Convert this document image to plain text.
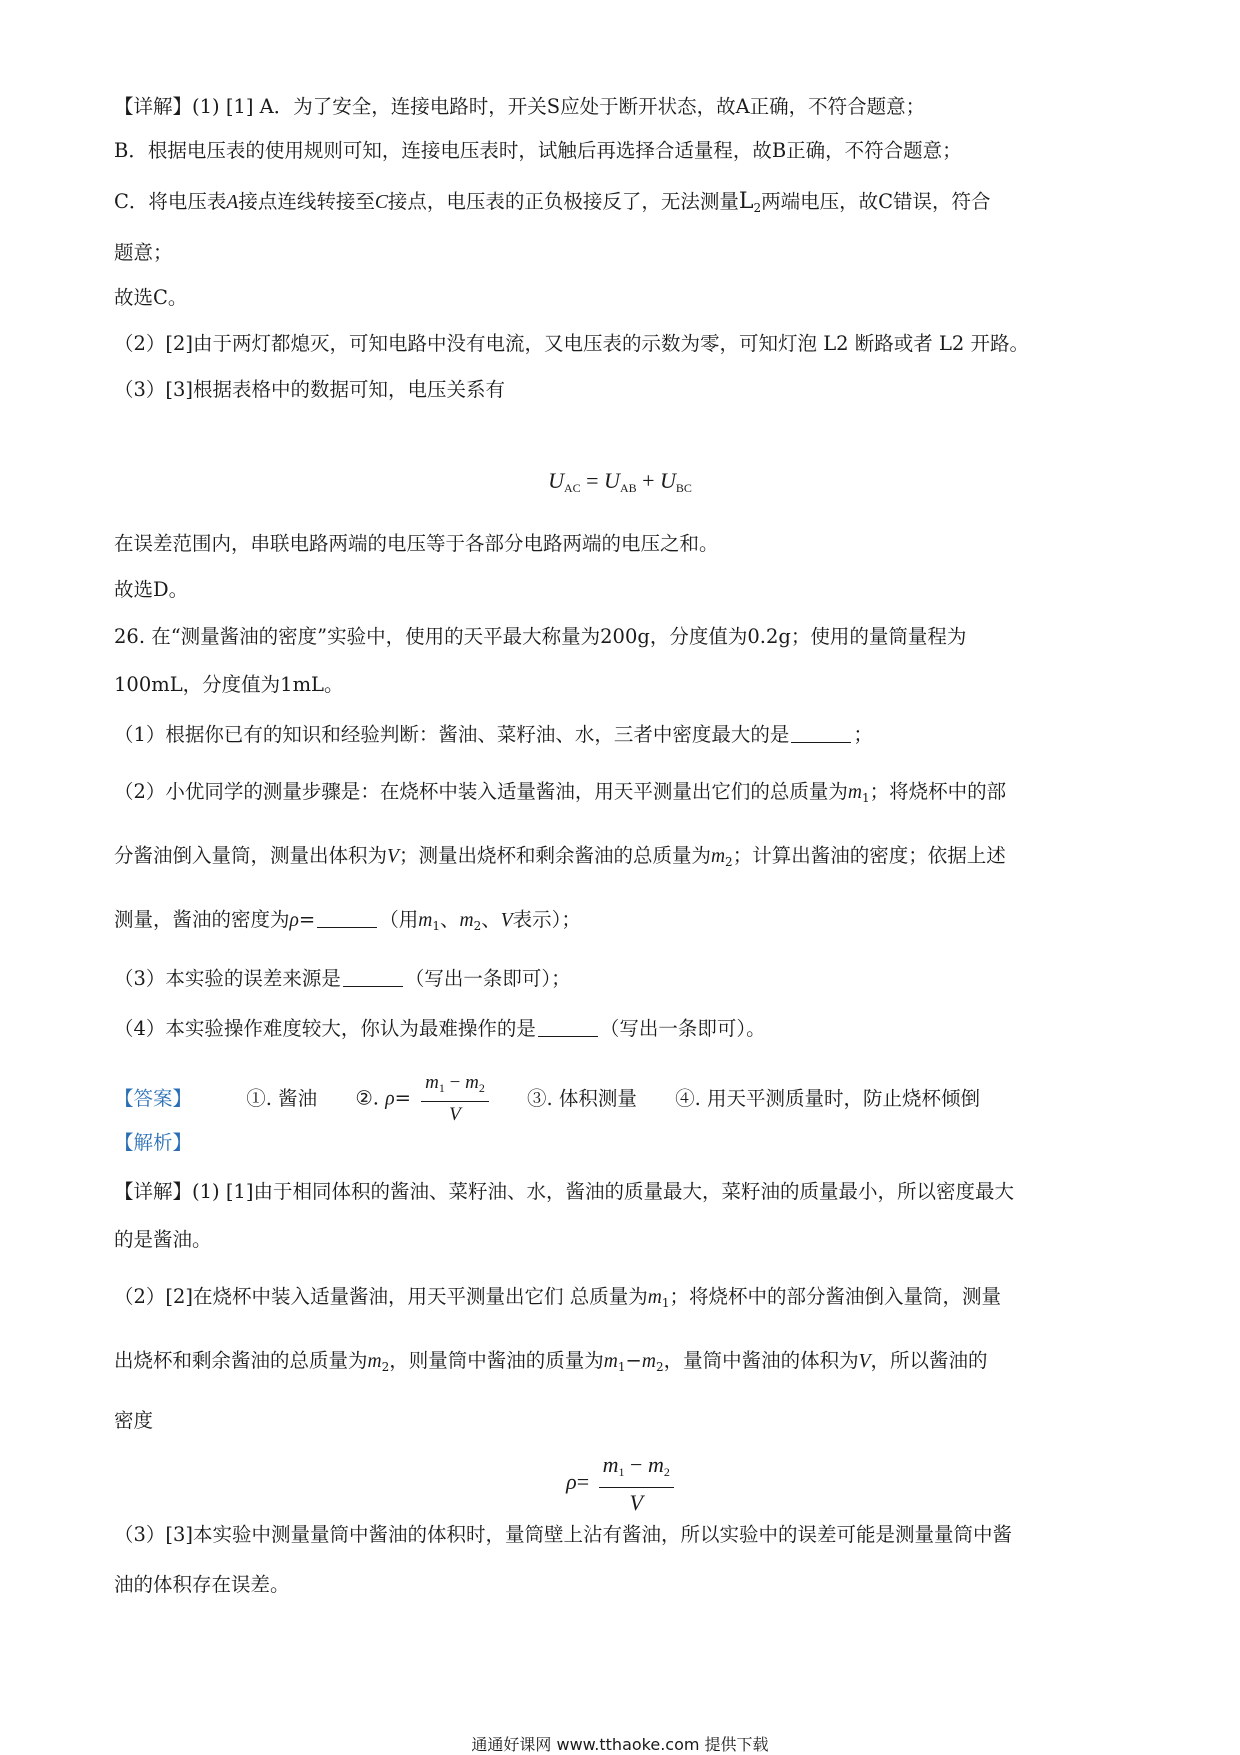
【详解】(1) [1] A．为了安全，连接电路时，开关S应处于断开状态，故A正确，不符合题意；
B．根据电压表的使用规则可知，连接电压表时，试触后再选择合适量程，故B正确，不符合题意；
C．将电压表A接点连线转接至C接点，电压表的正负极接反了，无法测量$L_2$两端电压，故C错误，符合
题意；
故选C。
（2）[2]由于两灯都熄灭，可知电路中没有电流，又电压表的示数为零，可知灯泡 L2 断路或者 L2 开路。
（3）[3]根据表格中的数据可知，电压关系有
$U_{AC} = U_{AB} + U_{BC}$
在误差范围内，串联电路两端的电压等于各部分电路两端的电压之和。
故选D。
26. 在“测量酱油的密度”实验中，使用的天平最大称量为200g，分度值为0.2g；使用的量筒量程为
100mL，分度值为1mL。
（1）根据你已有的知识和经验判断：酱油、菜籽油、水，三者中密度最大的是	；
（2）小优同学的测量步骤是：在烧杯中装入适量酱油，用天平测量出它们的总质量为$m_1$；将烧杯中的部
分酱油倒入量筒，测量出体积为V；测量出烧杯和剩余酱油的总质量为$m_2$；计算出酱油的密度；依据上述
测量，酱油的密度为ρ=	（用$m_1$、$m_2$、V表示）；
（3）本实验的误差来源是	（写出一条即可）；
（4）本实验操作难度较大，你认为最难操作的是	（写出一条即可）。
【答案】	①. 酱油 ②. $\rho= \frac{m_1 - m_2}{V}$ ③. 体积测量 ④. 用天平测质量时，防止烧杯倾倒
【解析】
【详解】(1) [1]由于相同体积的酱油、菜籽油、水，酱油的质量最大，菜籽油的质量最小，所以密度最大
的是酱油。
（2）[2]在烧杯中装入适量酱油，用天平测量出它们 总质量为$m_1$；将烧杯中的部分酱油倒入量筒，测量
出烧杯和剩余酱油的总质量为$m_2$，则量筒中酱油的质量为$m_1-m_2$，量筒中酱油的体积为V，所以酱油的
密度
$\rho= \frac{m_1 - m_2}{V}$
（3）[3]本实验中测量量筒中酱油的体积时，量筒壁上沾有酱油，所以实验中的误差可能是测量量筒中酱
油的体积存在误差。
通通好课网 www.tthaoke.com 提供下载
